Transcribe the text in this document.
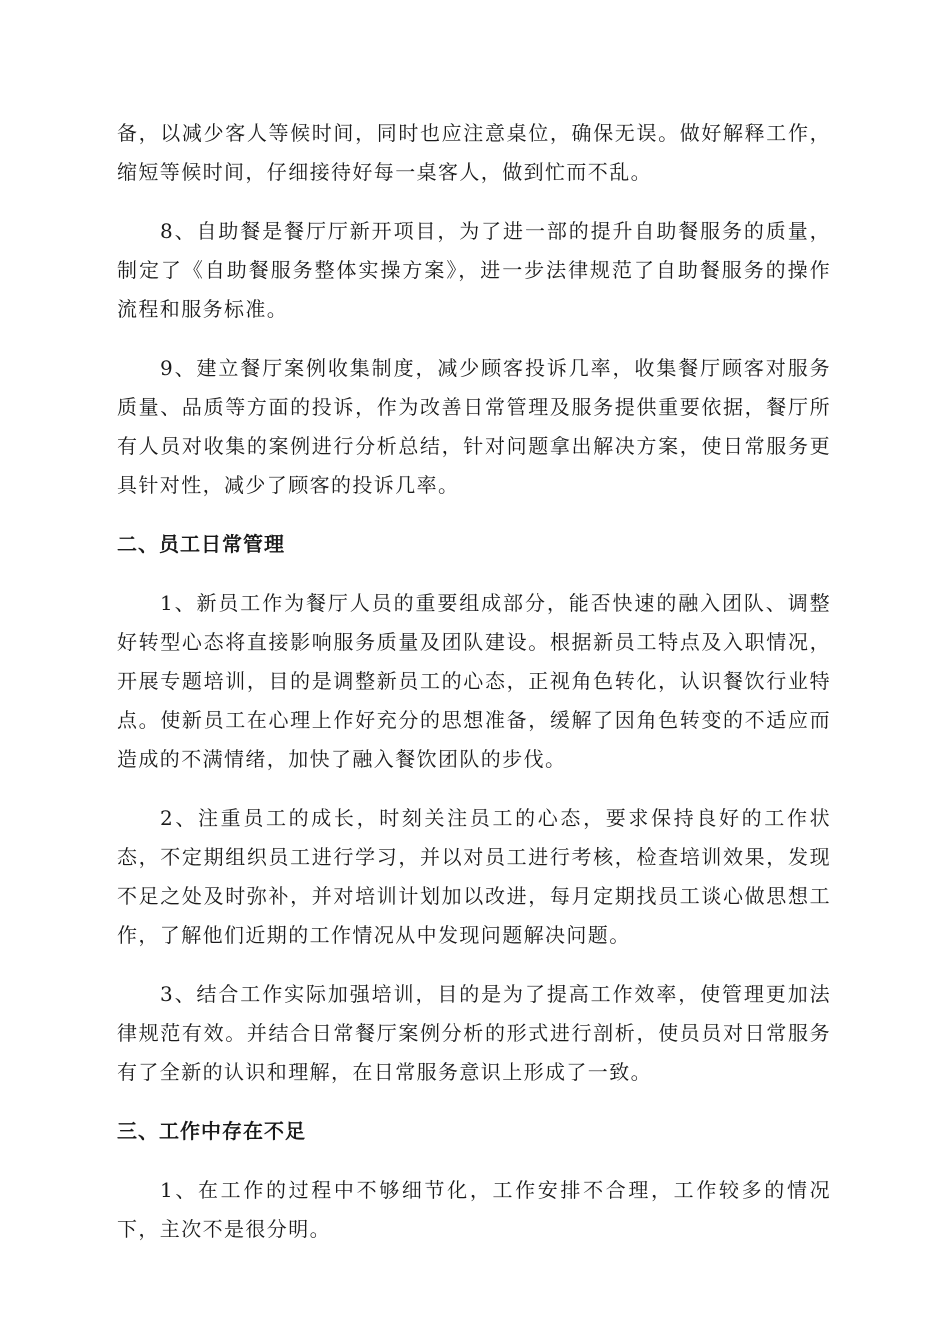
备，以减少客人等候时间，同时也应注意桌位，确保无误。做好解释工作，缩短等候时间，仔细接待好每一桌客人，做到忙而不乱。

8、自助餐是餐厅厅新开项目，为了进一部的提升自助餐服务的质量，制定了《自助餐服务整体实操方案》，进一步法律规范了自助餐服务的操作流程和服务标准。

9、建立餐厅案例收集制度，减少顾客投诉几率，收集餐厅顾客对服务质量、品质等方面的投诉，作为改善日常管理及服务提供重要依据，餐厅所有人员对收集的案例进行分析总结，针对问题拿出解决方案，使日常服务更具针对性，减少了顾客的投诉几率。

二、员工日常管理

1、新员工作为餐厅人员的重要组成部分，能否快速的融入团队、调整好转型心态将直接影响服务质量及团队建设。根据新员工特点及入职情况，开展专题培训，目的是调整新员工的心态，正视角色转化，认识餐饮行业特点。使新员工在心理上作好充分的思想准备，缓解了因角色转变的不适应而造成的不满情绪，加快了融入餐饮团队的步伐。

2、注重员工的成长，时刻关注员工的心态，要求保持良好的工作状态，不定期组织员工进行学习，并以对员工进行考核，检查培训效果，发现不足之处及时弥补，并对培训计划加以改进，每月定期找员工谈心做思想工作，了解他们近期的工作情况从中发现问题解决问题。

3、结合工作实际加强培训，目的是为了提高工作效率，使管理更加法律规范有效。并结合日常餐厅案例分析的形式进行剖析，使员员对日常服务有了全新的认识和理解，在日常服务意识上形成了一致。

三、工作中存在不足

1、在工作的过程中不够细节化，工作安排不合理，工作较多的情况下，主次不是很分明。
